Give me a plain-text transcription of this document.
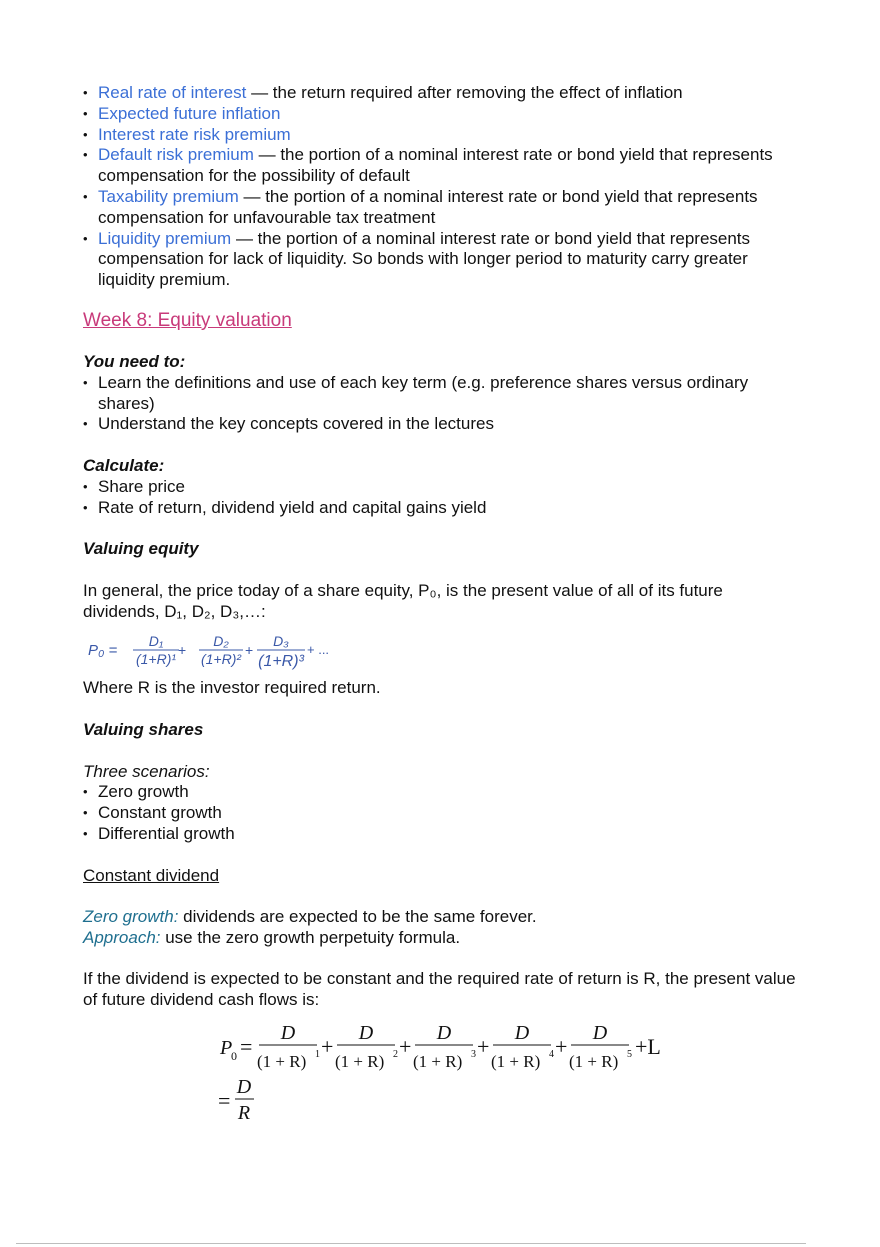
• Real rate of interest — the return required after removing the effect of inflation
• Expected future inflation
• Interest rate risk premium
• Default risk premium — the portion of a nominal interest rate or bond yield that represents compensation for the possibility of default
• Taxability premium — the portion of a nominal interest rate or bond yield that represents compensation for unfavourable tax treatment
• Liquidity premium — the portion of a nominal interest rate or bond yield that represents compensation for lack of liquidity. So bonds with longer period to maturity carry greater liquidity premium.
Week 8: Equity valuation
You need to:
• Learn the definitions and use of each key term (e.g. preference shares versus ordinary shares)
• Understand the key concepts covered in the lectures
Calculate:
• Share price
• Rate of return, dividend yield and capital gains yield
Valuing equity
In general, the price today of a share equity, P₀, is the present value of all of its future dividends, D₁, D₂, D₃,…:
P₀ =
D₁
(1+R)¹
+
D₂
(1+R)²
+
D₃
(1+R)³
+ ...
Where R is the investor required return.
Valuing shares
Three scenarios:
• Zero growth
• Constant growth
• Differential growth
Constant dividend
Zero growth: dividends are expected to be the same forever.
Approach: use the zero growth perpetuity formula.
If the dividend is expected to be constant and the required rate of return is R, the present value of future dividend cash flows is:
P
0 =
D
(1 + R) 1 +
D
(1 + R) 2 +
D
(1 + R) 3 +
D
(1 + R) 4 +
D
(1 + R) 5 +L
=
D
R
